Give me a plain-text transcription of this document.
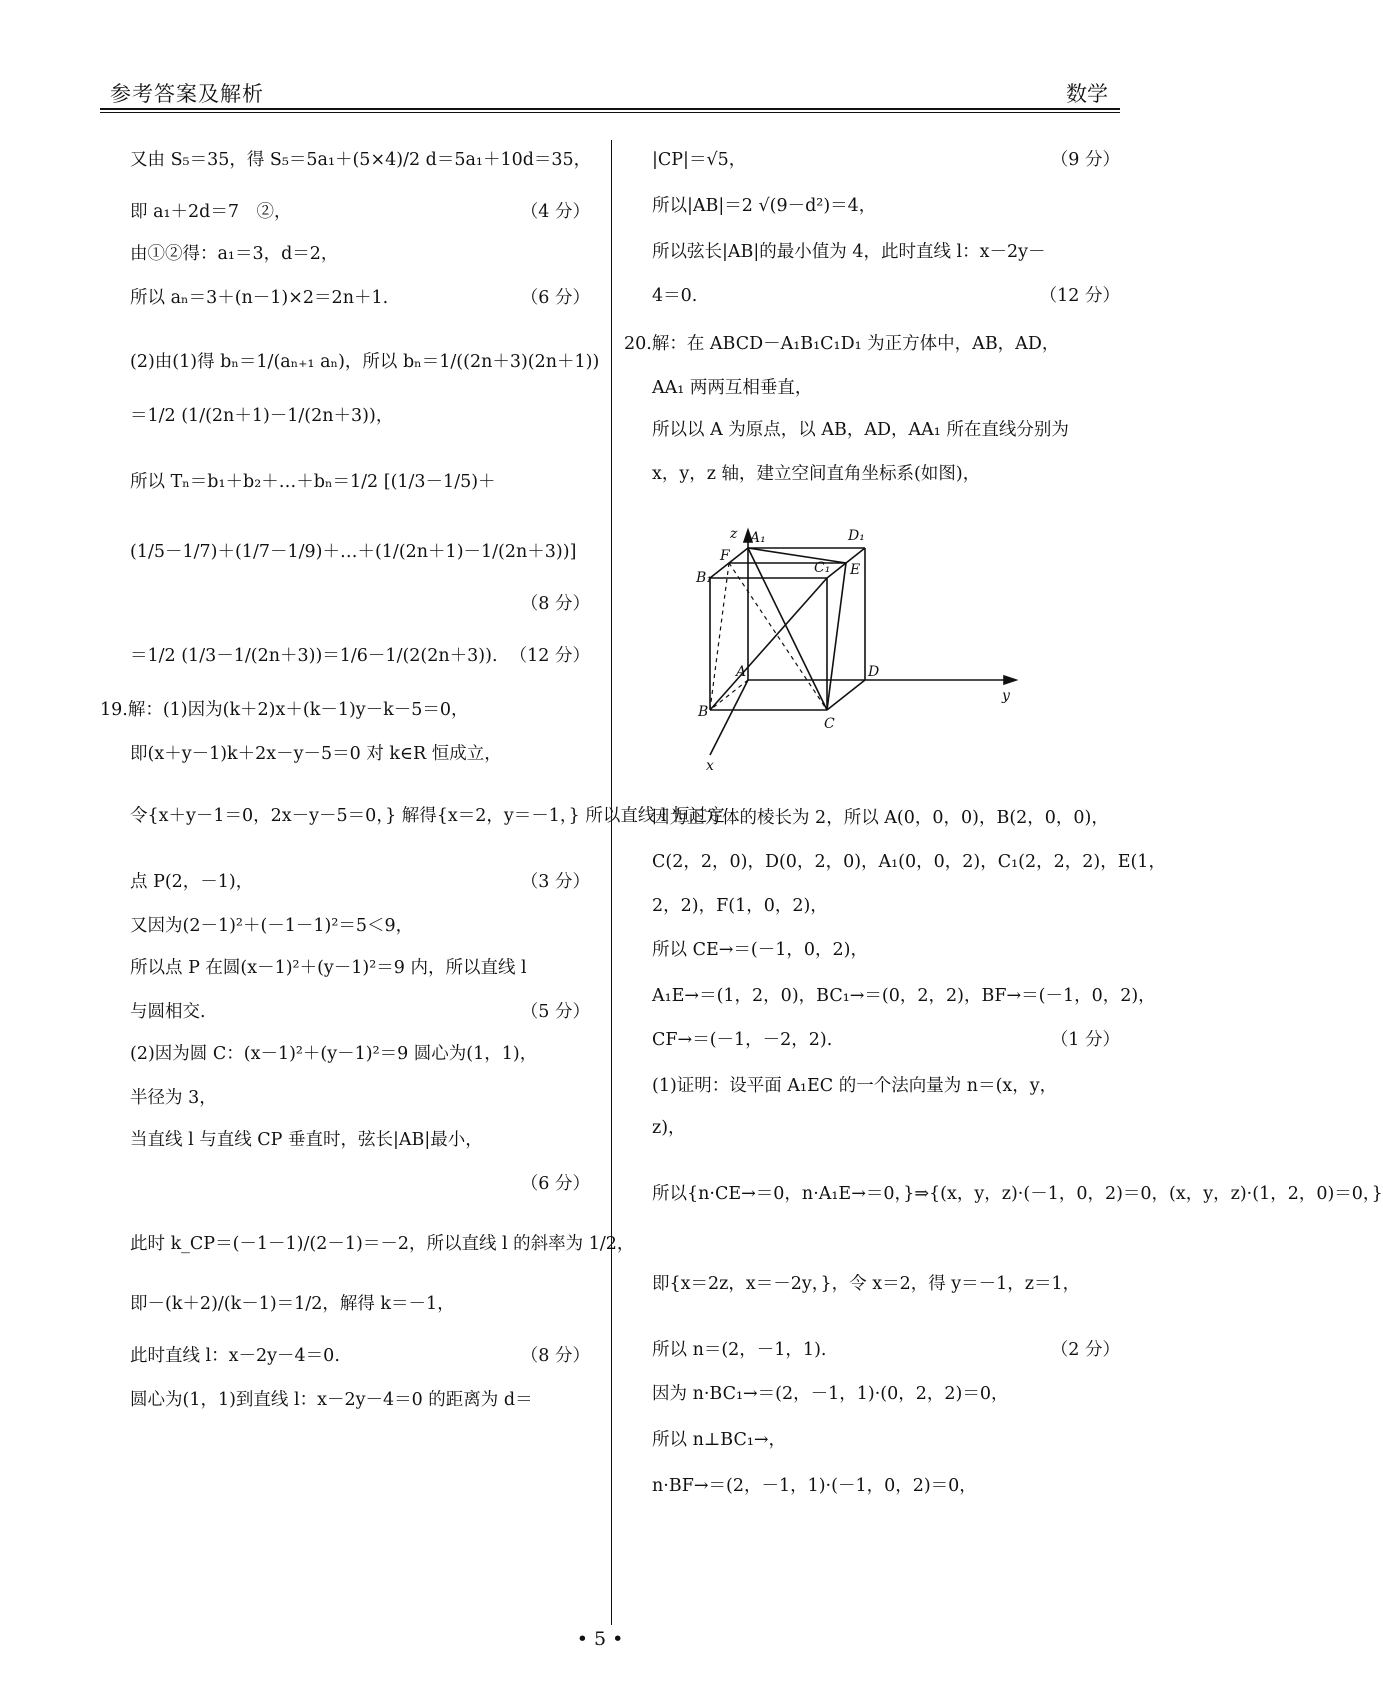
参考答案及解析	数学
又由 S₅＝35，得 S₅＝5a₁＋(5×4)/2 d＝5a₁＋10d＝35，
即 a₁＋2d＝7　②，	（4 分）
由①②得：a₁＝3，d＝2，
所以 aₙ＝3＋(n－1)×2＝2n＋1.	（6 分）
(2)由(1)得 bₙ＝1/(aₙ₊₁ aₙ)，所以 bₙ＝1/((2n＋3)(2n＋1))
＝1/2 (1/(2n＋1)－1/(2n＋3))，
所以 Tₙ＝b₁＋b₂＋…＋bₙ＝1/2 [(1/3－1/5)＋
(1/5－1/7)＋(1/7－1/9)＋…＋(1/(2n＋1)－1/(2n＋3))]
（8 分）
＝1/2 (1/3－1/(2n＋3))＝1/6－1/(2(2n＋3)). （12 分）
19.解：(1)因为(k＋2)x＋(k－1)y－k－5＝0，
即(x＋y－1)k＋2x－y－5＝0 对 k∈R 恒成立，
令{x＋y－1＝0，2x－y－5＝0，} 解得{x＝2，y＝－1，} 所以直线 l 恒过定
点 P(2，－1)，	（3 分）
又因为(2－1)²＋(－1－1)²＝5＜9，
所以点 P 在圆(x－1)²＋(y－1)²＝9 内，所以直线 l
与圆相交.	（5 分）
(2)因为圆 C：(x－1)²＋(y－1)²＝9 圆心为(1，1)，
半径为 3，
当直线 l 与直线 CP 垂直时，弦长|AB|最小，
（6 分）
此时 k_CP＝(－1－1)/(2－1)＝－2，所以直线 l 的斜率为 1/2，
即－(k＋2)/(k－1)＝1/2，解得 k＝－1，
此时直线 l：x－2y－4＝0.	（8 分）
圆心为(1，1)到直线 l：x－2y－4＝0 的距离为 d＝
|CP|＝√5，	（9 分）
所以|AB|＝2 √(9－d²)＝4，
所以弦长|AB|的最小值为 4，此时直线 l：x－2y－
4＝0.	（12 分）
20.解：在 ABCD－A₁B₁C₁D₁ 为正方体中，AB，AD，
AA₁ 两两互相垂直，
所以以 A 为原点，以 AB，AD，AA₁ 所在直线分别为
x，y，z 轴，建立空间直角坐标系(如图)，
因为正方体的棱长为 2，所以 A(0，0，0)，B(2，0，0)，
C(2，2，0)，D(0，2，0)，A₁(0，0，2)，C₁(2，2，2)，E(1，
2，2)，F(1，0，2)，
所以 CE→＝(－1，0，2)，
A₁E→＝(1，2，0)，BC₁→＝(0，2，2)，BF→＝(－1，0，2)，
CF→＝(－1，－2，2).	（1 分）
(1)证明：设平面 A₁EC 的一个法向量为 n＝(x，y，
z)，
所以{n·CE→＝0，n·A₁E→＝0，}⇒{(x，y，z)·(－1，0，2)＝0，(x，y，z)·(1，2，0)＝0，}
即{x＝2z，x＝－2y，}，令 x＝2，得 y＝－1，z＝1，
所以 n＝(2，－1，1).	（2 分）
因为 n·BC₁→＝(2，－1，1)·(0，2，2)＝0，
所以 n⊥BC₁→，
n·BF→＝(2，－1，1)·(－1，0，2)＝0，
z
y
x
A₁	D₁
F
B₁
C₁ E
A	D
B
C
• 5 •
